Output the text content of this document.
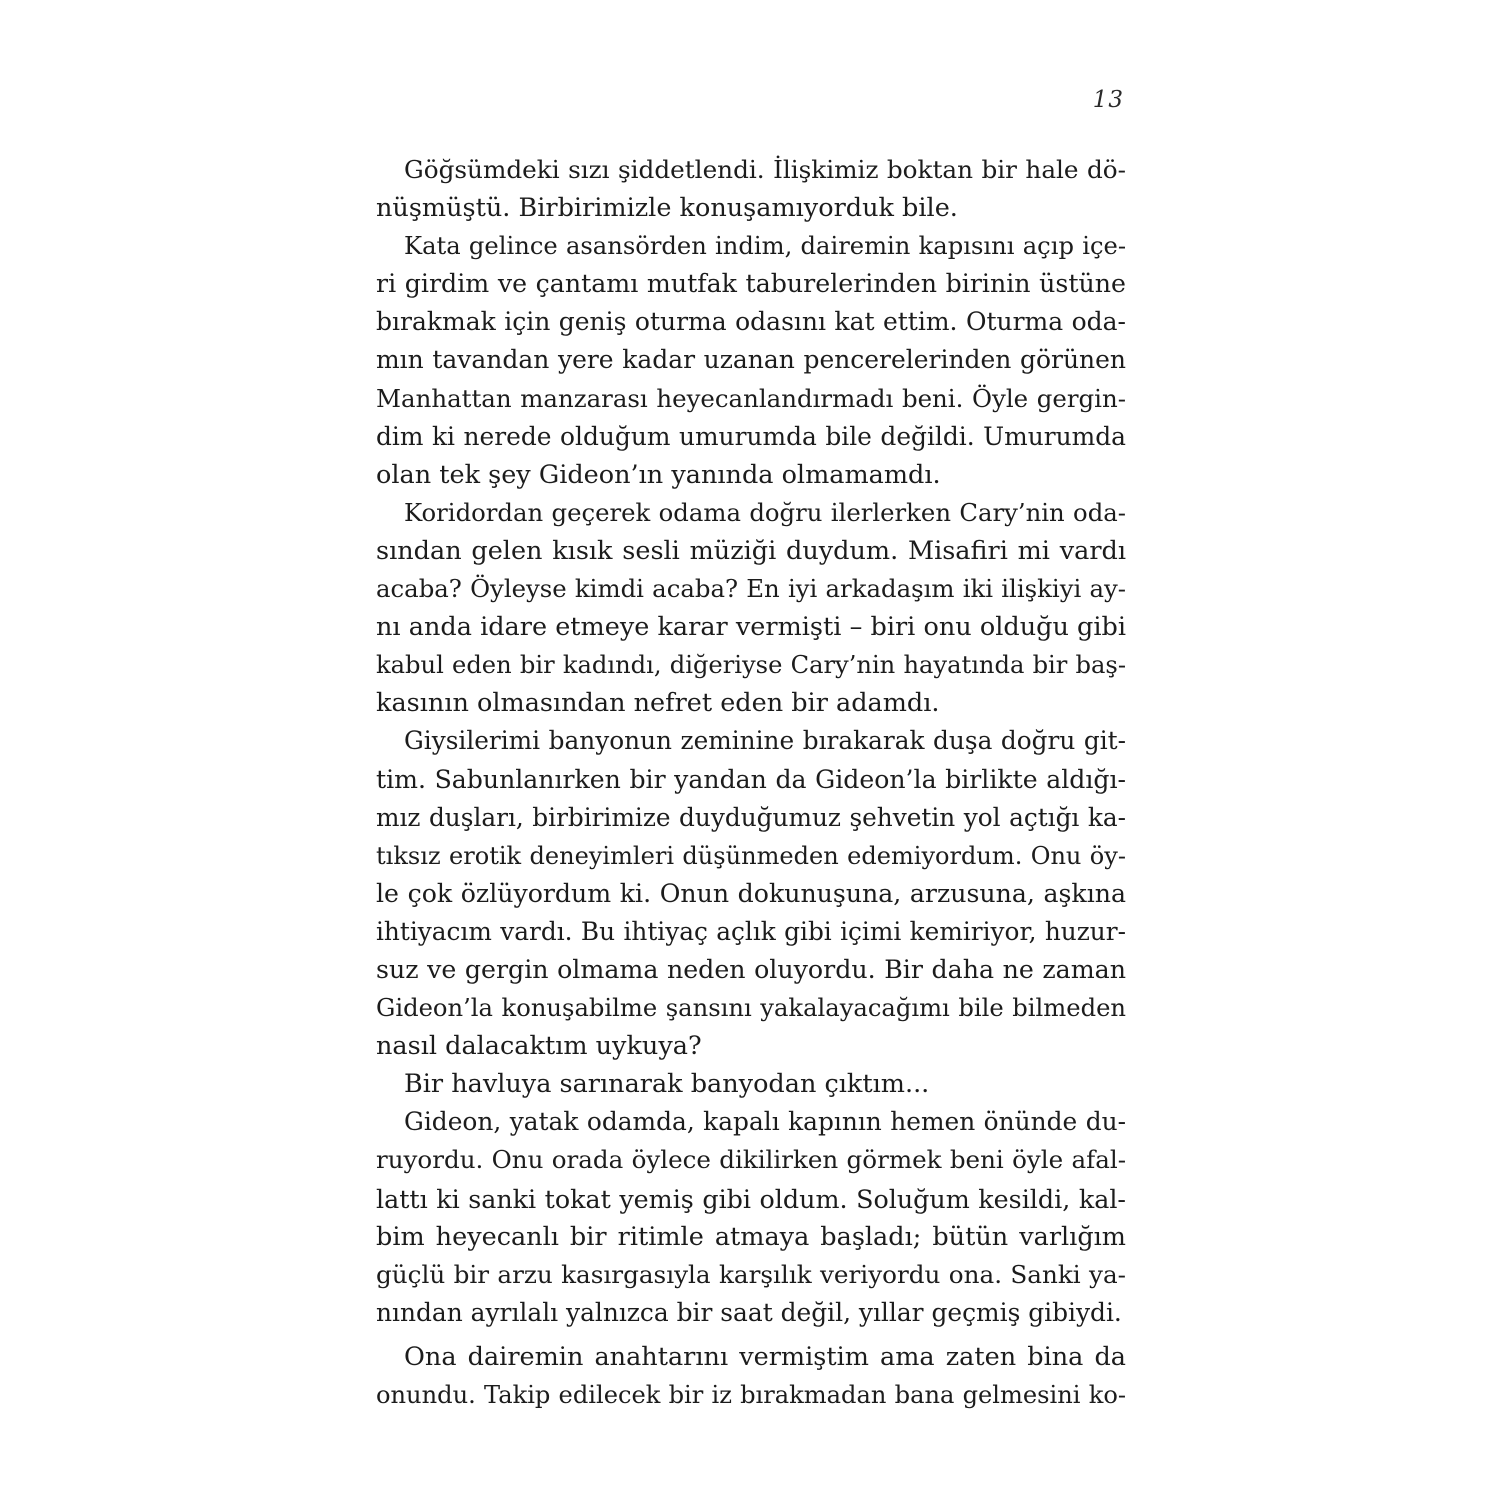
13
Göğsümdeki sızı şiddetlendi. İlişkimiz boktan bir hale dö-
nüşmüştü. Birbirimizle konuşamıyorduk bile.
Kata gelince asansörden indim, dairemin kapısını açıp içe-
ri girdim ve çantamı mutfak taburelerinden birinin üstüne
bırakmak için geniş oturma odasını kat ettim. Oturma oda-
mın tavandan yere kadar uzanan pencerelerinden görünen
Manhattan manzarası heyecanlandırmadı beni. Öyle gergin-
dim ki nerede olduğum umurumda bile değildi. Umurumda
olan tek şey Gideon’ın yanında olmamamdı.
Koridordan geçerek odama doğru ilerlerken Cary’nin oda-
sından gelen kısık sesli müziği duydum. Misafiri mi vardı
acaba? Öyleyse kimdi acaba? En iyi arkadaşım iki ilişkiyi ay-
nı anda idare etmeye karar vermişti – biri onu olduğu gibi
kabul eden bir kadındı, diğeriyse Cary’nin hayatında bir baş-
kasının olmasından nefret eden bir adamdı.
Giysilerimi banyonun zeminine bırakarak duşa doğru git-
tim. Sabunlanırken bir yandan da Gideon’la birlikte aldığı-
mız duşları, birbirimize duyduğumuz şehvetin yol açtığı ka-
tıksız erotik deneyimleri düşünmeden edemiyordum. Onu öy-
le çok özlüyordum ki. Onun dokunuşuna, arzusuna, aşkına
ihtiyacım vardı. Bu ihtiyaç açlık gibi içimi kemiriyor, huzur-
suz ve gergin olmama neden oluyordu. Bir daha ne zaman
Gideon’la konuşabilme şansını yakalayacağımı bile bilmeden
nasıl dalacaktım uykuya?
Bir havluya sarınarak banyodan çıktım...
Gideon, yatak odamda, kapalı kapının hemen önünde du-
ruyordu. Onu orada öylece dikilirken görmek beni öyle afal-
lattı ki sanki tokat yemiş gibi oldum. Soluğum kesildi, kal-
bim heyecanlı bir ritimle atmaya başladı; bütün varlığım
güçlü bir arzu kasırgasıyla karşılık veriyordu ona. Sanki ya-
nından ayrılalı yalnızca bir saat değil, yıllar geçmiş gibiydi.
Ona dairemin anahtarını vermiştim ama zaten bina da
onundu. Takip edilecek bir iz bırakmadan bana gelmesini ko-
